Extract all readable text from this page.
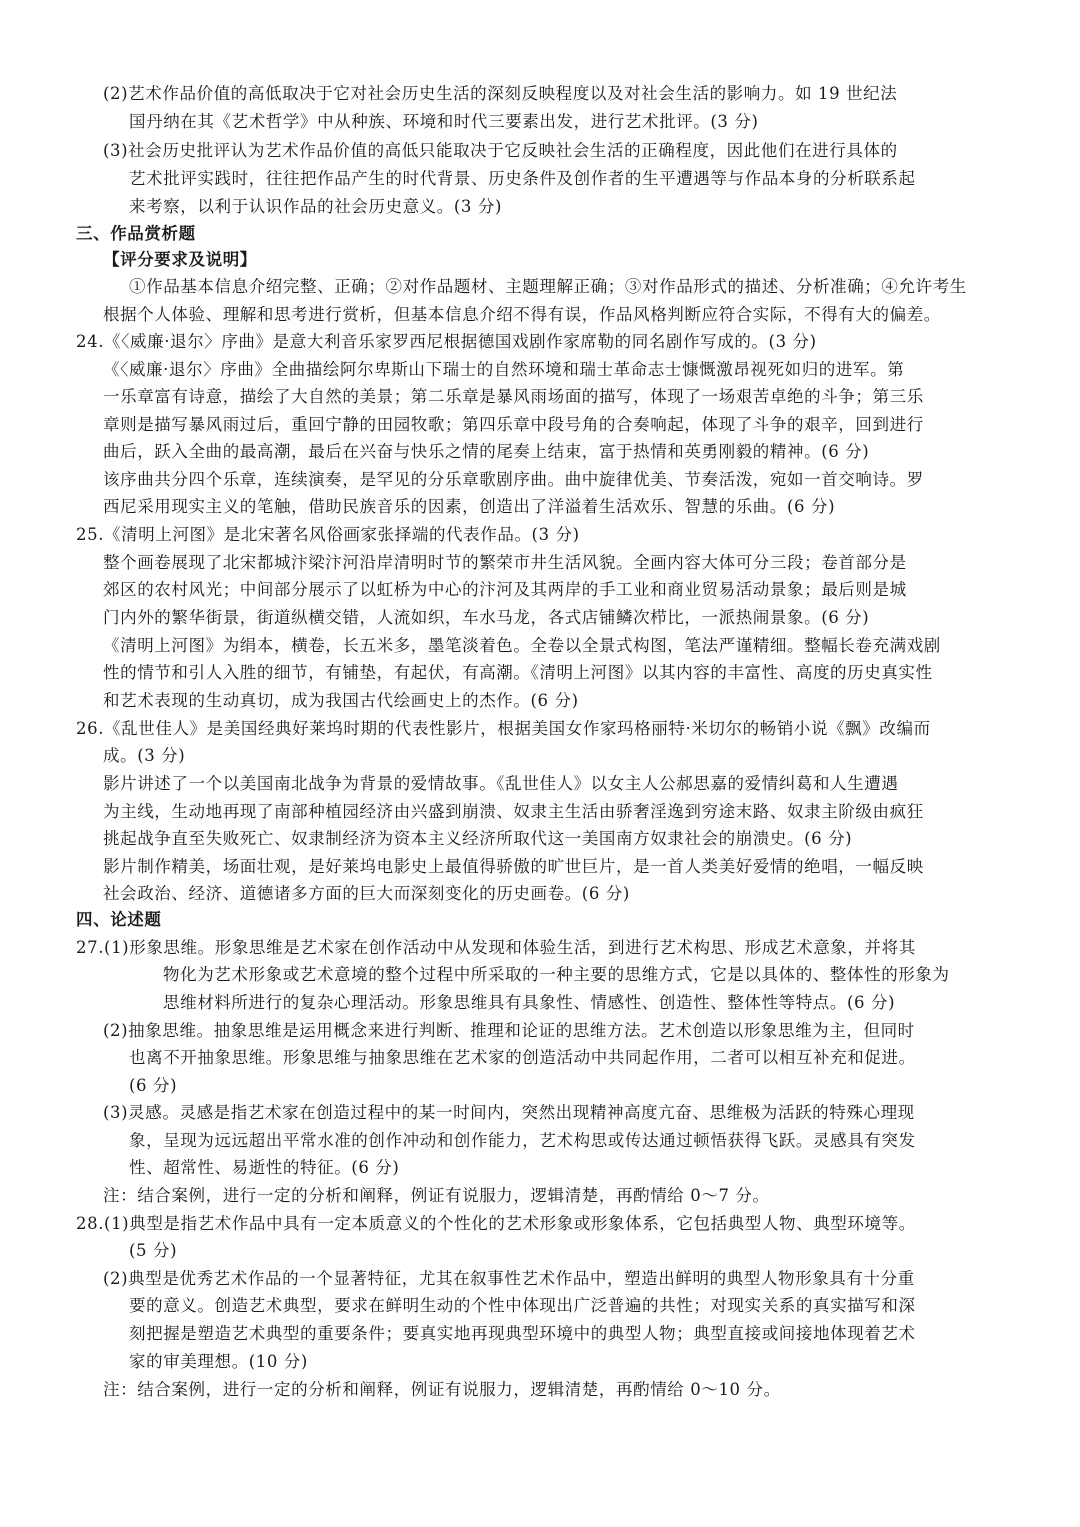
(2)艺术作品价值的高低取决于它对社会历史生活的深刻反映程度以及对社会生活的影响力。如 19 世纪法
国丹纳在其《艺术哲学》中从种族、环境和时代三要素出发，进行艺术批评。(3 分)
(3)社会历史批评认为艺术作品价值的高低只能取决于它反映社会生活的正确程度，因此他们在进行具体的
艺术批评实践时，往往把作品产生的时代背景、历史条件及创作者的生平遭遇等与作品本身的分析联系起
来考察，以利于认识作品的社会历史意义。(3 分)
三、作品赏析题
【评分要求及说明】
①作品基本信息介绍完整、正确；②对作品题材、主题理解正确；③对作品形式的描述、分析准确；④允许考生
根据个人体验、理解和思考进行赏析，但基本信息介绍不得有误，作品风格判断应符合实际，不得有大的偏差。
24.《〈威廉·退尔〉序曲》是意大利音乐家罗西尼根据德国戏剧作家席勒的同名剧作写成的。(3 分)
《〈威廉·退尔〉序曲》全曲描绘阿尔卑斯山下瑞士的自然环境和瑞士革命志士慷慨激昂视死如归的进军。第
一乐章富有诗意，描绘了大自然的美景；第二乐章是暴风雨场面的描写，体现了一场艰苦卓绝的斗争；第三乐
章则是描写暴风雨过后，重回宁静的田园牧歌；第四乐章中段号角的合奏响起，体现了斗争的艰辛，回到进行
曲后，跃入全曲的最高潮，最后在兴奋与快乐之情的尾奏上结束，富于热情和英勇刚毅的精神。(6 分)
该序曲共分四个乐章，连续演奏，是罕见的分乐章歌剧序曲。曲中旋律优美、节奏活泼，宛如一首交响诗。罗
西尼采用现实主义的笔触，借助民族音乐的因素，创造出了洋溢着生活欢乐、智慧的乐曲。(6 分)
25.《清明上河图》是北宋著名风俗画家张择端的代表作品。(3 分)
整个画卷展现了北宋都城汴梁汴河沿岸清明时节的繁荣市井生活风貌。全画内容大体可分三段；卷首部分是
郊区的农村风光；中间部分展示了以虹桥为中心的汴河及其两岸的手工业和商业贸易活动景象；最后则是城
门内外的繁华街景，街道纵横交错，人流如织，车水马龙，各式店铺鳞次栉比，一派热闹景象。(6 分)
《清明上河图》为绢本，横卷，长五米多，墨笔淡着色。全卷以全景式构图，笔法严谨精细。整幅长卷充满戏剧
性的情节和引人入胜的细节，有铺垫，有起伏，有高潮。《清明上河图》以其内容的丰富性、高度的历史真实性
和艺术表现的生动真切，成为我国古代绘画史上的杰作。(6 分)
26.《乱世佳人》是美国经典好莱坞时期的代表性影片，根据美国女作家玛格丽特·米切尔的畅销小说《飘》改编而
成。(3 分)
影片讲述了一个以美国南北战争为背景的爱情故事。《乱世佳人》以女主人公郝思嘉的爱情纠葛和人生遭遇
为主线，生动地再现了南部种植园经济由兴盛到崩溃、奴隶主生活由骄奢淫逸到穷途末路、奴隶主阶级由疯狂
挑起战争直至失败死亡、奴隶制经济为资本主义经济所取代这一美国南方奴隶社会的崩溃史。(6 分)
影片制作精美，场面壮观，是好莱坞电影史上最值得骄傲的旷世巨片，是一首人类美好爱情的绝唱，一幅反映
社会政治、经济、道德诸多方面的巨大而深刻变化的历史画卷。(6 分)
四、论述题
27.(1)形象思维。形象思维是艺术家在创作活动中从发现和体验生活，到进行艺术构思、形成艺术意象，并将其
物化为艺术形象或艺术意境的整个过程中所采取的一种主要的思维方式，它是以具体的、整体性的形象为
思维材料所进行的复杂心理活动。形象思维具有具象性、情感性、创造性、整体性等特点。(6 分)
(2)抽象思维。抽象思维是运用概念来进行判断、推理和论证的思维方法。艺术创造以形象思维为主，但同时
也离不开抽象思维。形象思维与抽象思维在艺术家的创造活动中共同起作用，二者可以相互补充和促进。
(6 分)
(3)灵感。灵感是指艺术家在创造过程中的某一时间内，突然出现精神高度亢奋、思维极为活跃的特殊心理现
象，呈现为远远超出平常水准的创作冲动和创作能力，艺术构思或传达通过顿悟获得飞跃。灵感具有突发
性、超常性、易逝性的特征。(6 分)
注：结合案例，进行一定的分析和阐释，例证有说服力，逻辑清楚，再酌情给 0～7 分。
28.(1)典型是指艺术作品中具有一定本质意义的个性化的艺术形象或形象体系，它包括典型人物、典型环境等。
(5 分)
(2)典型是优秀艺术作品的一个显著特征，尤其在叙事性艺术作品中，塑造出鲜明的典型人物形象具有十分重
要的意义。创造艺术典型，要求在鲜明生动的个性中体现出广泛普遍的共性；对现实关系的真实描写和深
刻把握是塑造艺术典型的重要条件；要真实地再现典型环境中的典型人物；典型直接或间接地体现着艺术
家的审美理想。(10 分)
注：结合案例，进行一定的分析和阐释，例证有说服力，逻辑清楚，再酌情给 0～10 分。
